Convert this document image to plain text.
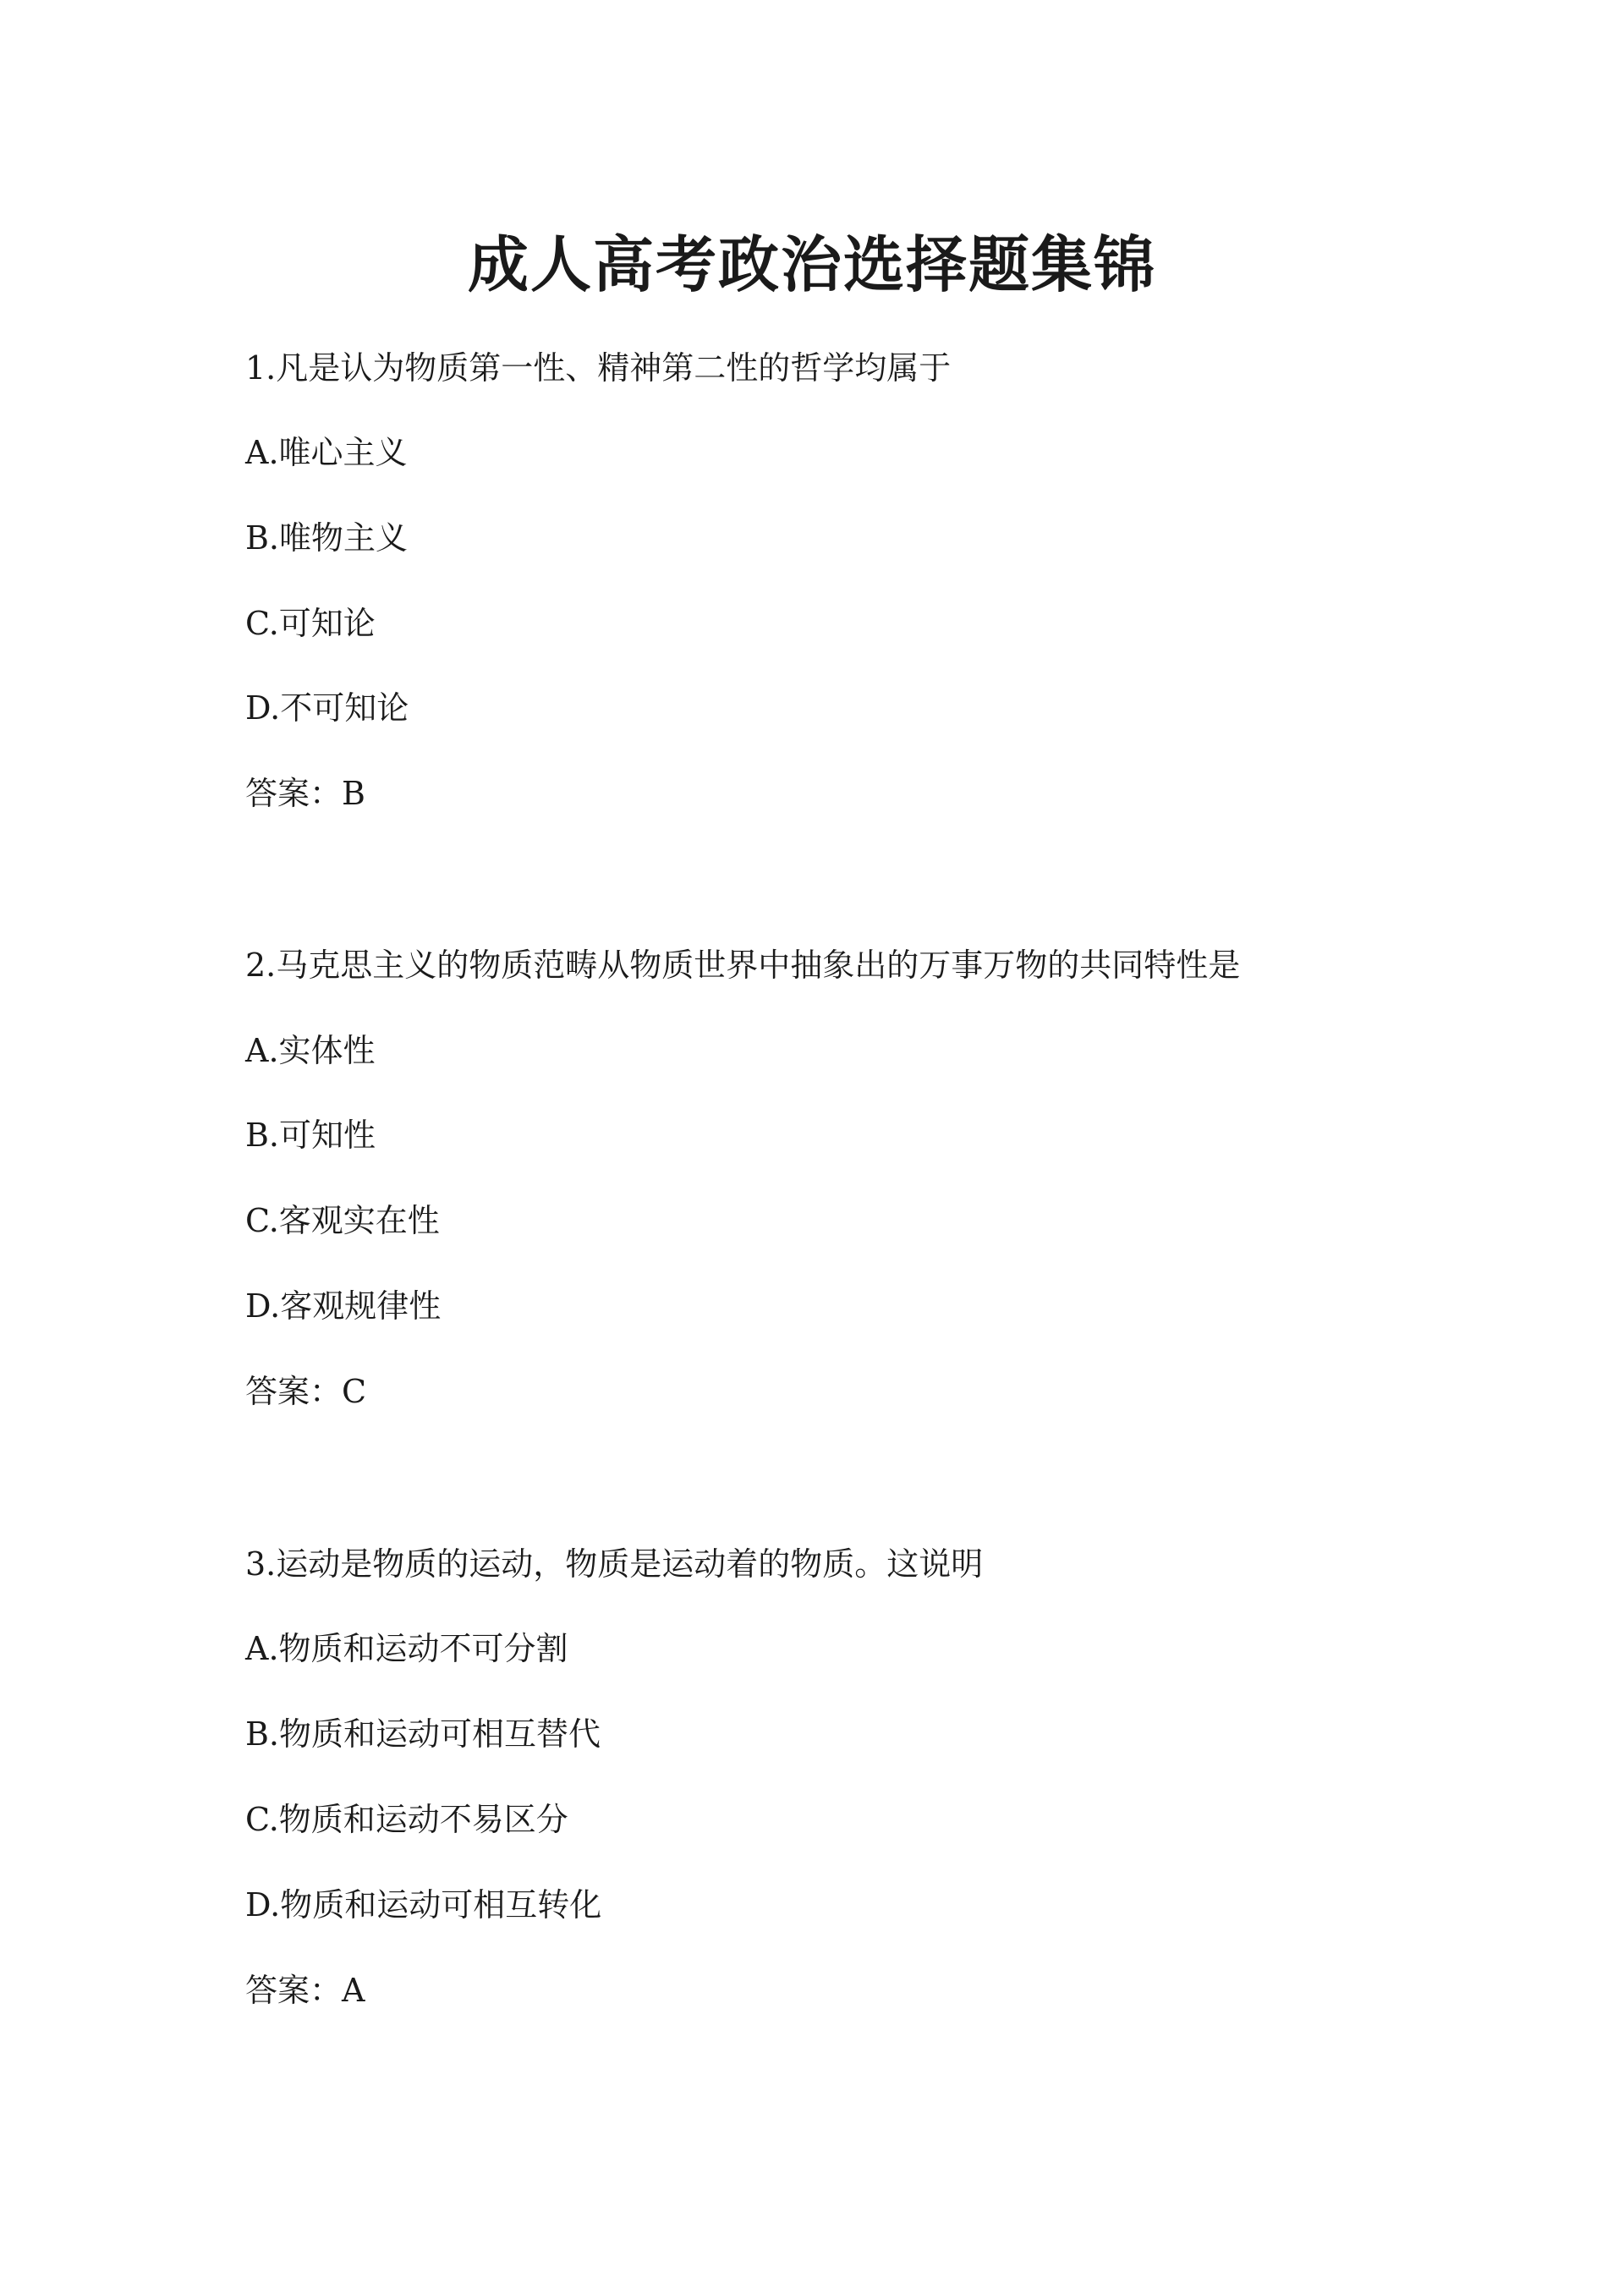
成人高考政治选择题集锦

1.凡是认为物质第一性、精神第二性的哲学均属于

A.唯心主义

B.唯物主义

C.可知论

D.不可知论

答案：B

2.马克思主义的物质范畴从物质世界中抽象出的万事万物的共同特性是

A.实体性

B.可知性

C.客观实在性

D.客观规律性

答案：C

3.运动是物质的运动，物质是运动着的物质。这说明

A.物质和运动不可分割

B.物质和运动可相互替代

C.物质和运动不易区分

D.物质和运动可相互转化

答案：A
